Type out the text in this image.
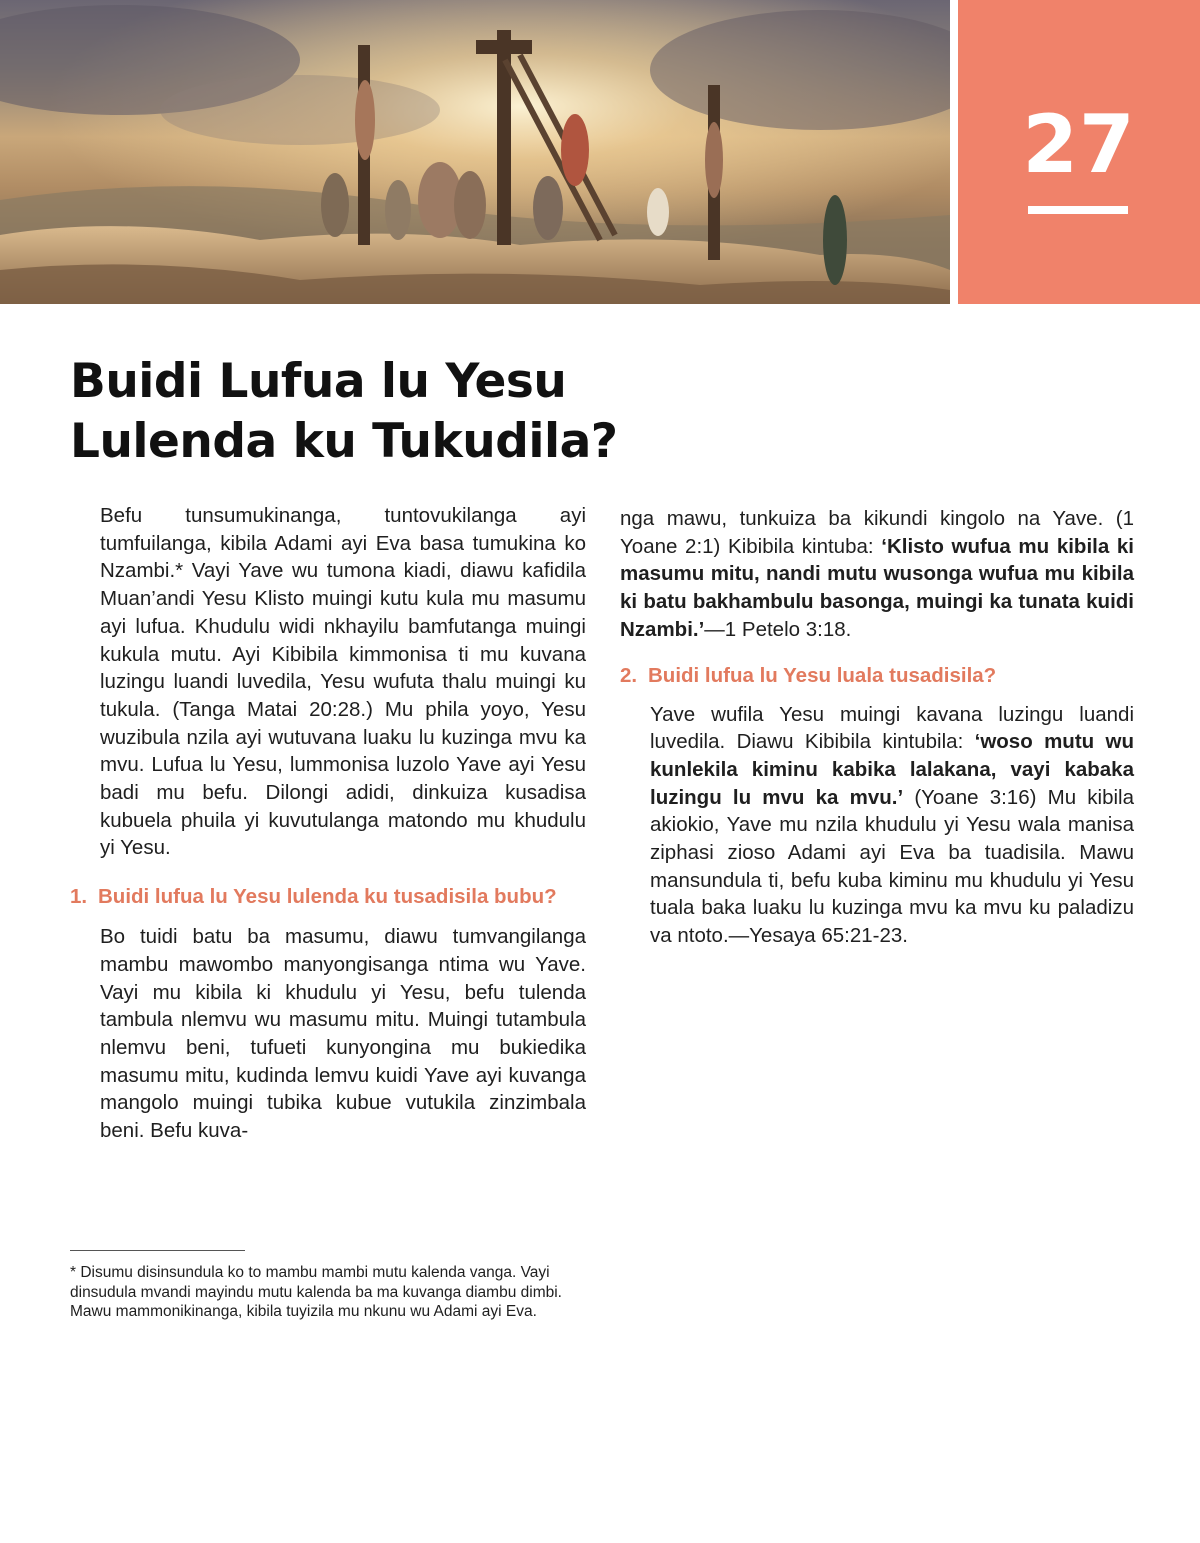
27
Buidi Lufua lu Yesu
Lulenda ku Tukudila?

Befu tunsumukinanga, tuntovukilanga ayi tumfuilanga, kibila Adami ayi Eva basa tumukina ko Nzambi.* Vayi Yave wu tumona kiadi, diawu kafidila Muan’andi Yesu Klisto muingi kutu kula mu masumu ayi lufua. Khudulu widi nkhayilu bamfutanga muingi kukula mutu. Ayi Kibibila kimmonisa ti mu kuvana luzingu luandi luvedila, Yesu wufuta thalu muingi ku tukula. (Tanga Matai 20:28.) Mu phila yoyo, Yesu wuzibula nzila ayi wutuvana luaku lu kuzinga mvu ka mvu. Lufua lu Yesu, lummonisa luzolo Yave ayi Yesu badi mu befu. Dilongi adidi, dinkuiza kusadisa kubuela phuila yi kuvutulanga matondo mu khudulu yi Yesu.

1. Buidi lufua lu Yesu lulenda ku tusadisila bubu?

Bo tuidi batu ba masumu, diawu tumvangilanga mambu mawombo manyongisanga ntima wu Yave. Vayi mu kibila ki khudulu yi Yesu, befu tulenda tambula nlemvu wu masumu mitu. Muingi tutambula nlemvu beni, tufueti kunyongina mu bukiedika masumu mitu, kudinda lemvu kuidi Yave ayi kuvanga mangolo muingi tubika kubue vutukila zinzimbala beni. Befu kuva-

* Disumu disinsundula ko to mambu mambi mutu kalenda vanga. Vayi dinsudula mvandi mayindu mutu kalenda ba ma kuvanga diambu dimbi. Mawu mammonikinanga, kibila tuyizila mu nkunu wu Adami ayi Eva.

nga mawu, tunkuiza ba kikundi kingolo na Yave. (1 Yoane 2:1) Kibibila kintuba: ‘Klisto wufua mu kibila ki masumu mitu, nandi mutu wusonga wufua mu kibila ki batu bakhambulu basonga, muingi ka tunata kuidi Nzambi.’—1 Petelo 3:18.

2. Buidi lufua lu Yesu luala tusadisila?

Yave wufila Yesu muingi kavana luzingu luandi luvedila. Diawu Kibibila kintubila: ‘woso mutu wu kunlekila kiminu kabika lalakana, vayi kabaka luzingu lu mvu ka mvu.’ (Yoane 3:16) Mu kibila akiokio, Yave mu nzila khudulu yi Yesu wala manisa ziphasi zioso Adami ayi Eva ba tuadisila. Mawu mansundula ti, befu kuba kiminu mu khudulu yi Yesu tuala baka luaku lu kuzinga mvu ka mvu ku paladizu va ntoto.—Yesaya 65:21-23.
